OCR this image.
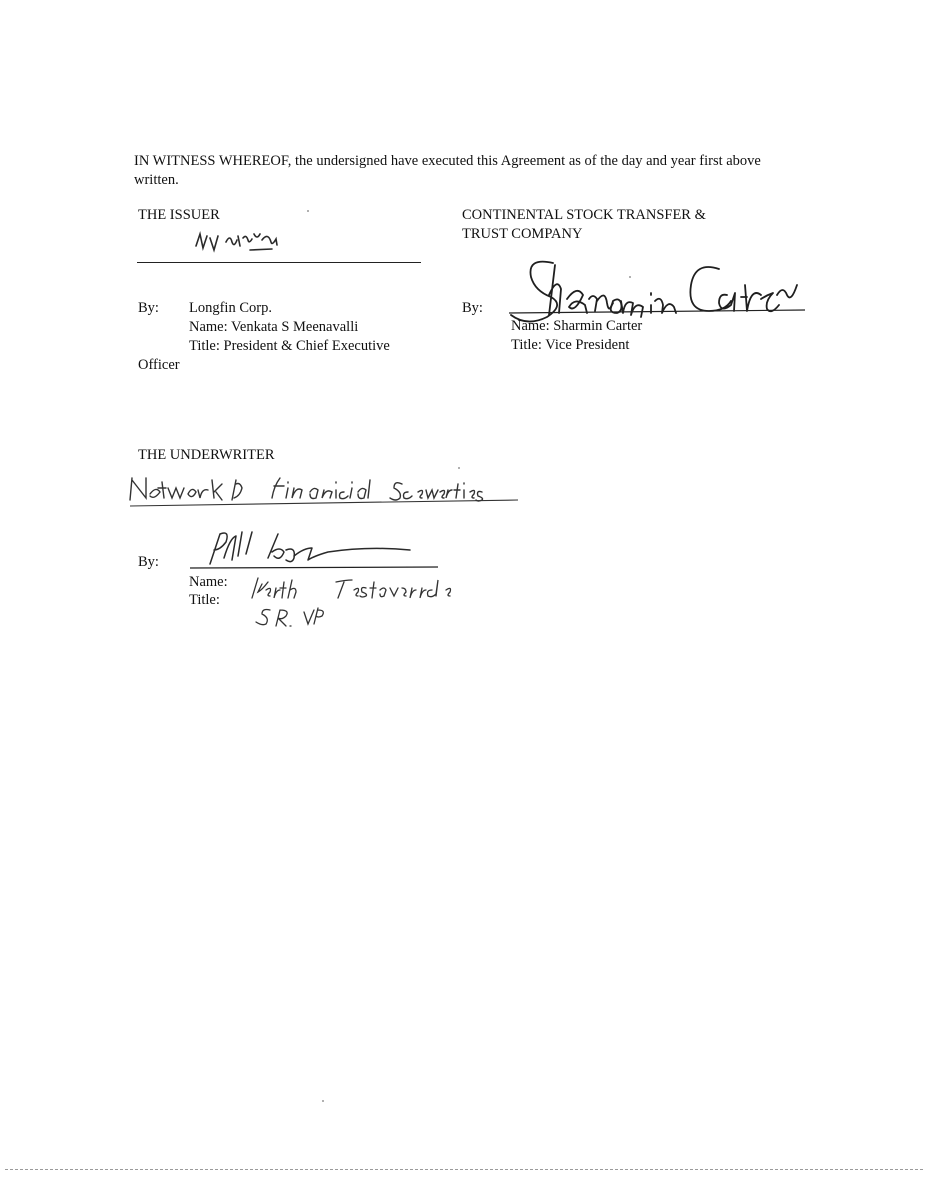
IN WITNESS WHEREOF, the undersigned have executed this Agreement as of the day and year first above written.
THE ISSUER
By: Longfin Corp.
Name: Venkata S Meenavalli
Title: President & Chief Executive
Officer
CONTINENTAL STOCK TRANSFER &
TRUST COMPANY
By:
Name: Sharmin Carter
Title: Vice President
THE UNDERWRITER
By:
Name:
Title:
